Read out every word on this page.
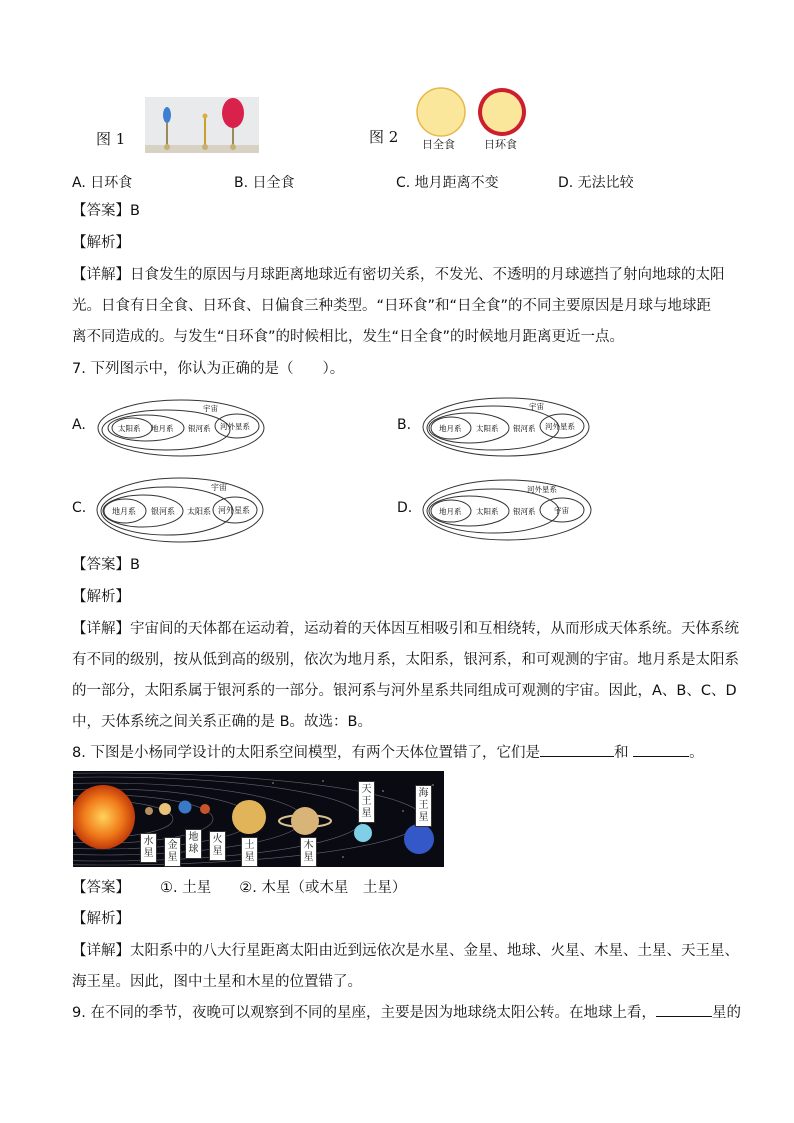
图 1	图 2 日全食	日环食
A. 日环食	B. 日全食	C. 地月距离不变	D. 无法比较
【答案】B
【解析】
【详解】日食发生的原因与月球距离地球近有密切关系，不发光、不透明的月球遮挡了射向地球的太阳
光。日食有日全食、日环食、日偏食三种类型。“日环食”和“日全食”的不同主要原因是月球与地球距
离不同造成的。与发生“日环食”的时候相比，发生“日全食”的时候地月距离更近一点。
7. 下列图示中，你认为正确的是（　　）。
A.	太阳系 地月系 银河系 河外星系
宇宙
B.	地月系 太阳系 银河系 河外星系
宇宙
C.	地月系 银河系 太阳系 河外星系
宇宙
D.	地月系 太阳系 银河系 宇宙
河外星系
【答案】B
【解析】
【详解】宇宙间的天体都在运动着，运动着的天体因互相吸引和互相绕转，从而形成天体系统。天体系统
有不同的级别，按从低到高的级别，依次为地月系，太阳系，银河系，和可观测的宇宙。地月系是太阳系
的一部分，太阳系属于银河系的一部分。银河系与河外星系共同组成可观测的宇宙。因此，A、B、C、D
中，天体系统之间关系正确的是 B。故选：B。
8. 下图是小杨同学设计的太阳系空间模型，有两个天体位置错了，它们是	和	。
水星
金星
地球
火星
土星
木星
天王星
海王星
【答案】 ①. 土星 ②. 木星（或木星　土星）
【解析】
【详解】太阳系中的八大行星距离太阳由近到远依次是水星、金星、地球、火星、木星、土星、天王星、
海王星。因此，图中土星和木星的位置错了。
9. 在不同的季节，夜晚可以观察到不同的星座，主要是因为地球绕太阳公转。在地球上看，	星的
